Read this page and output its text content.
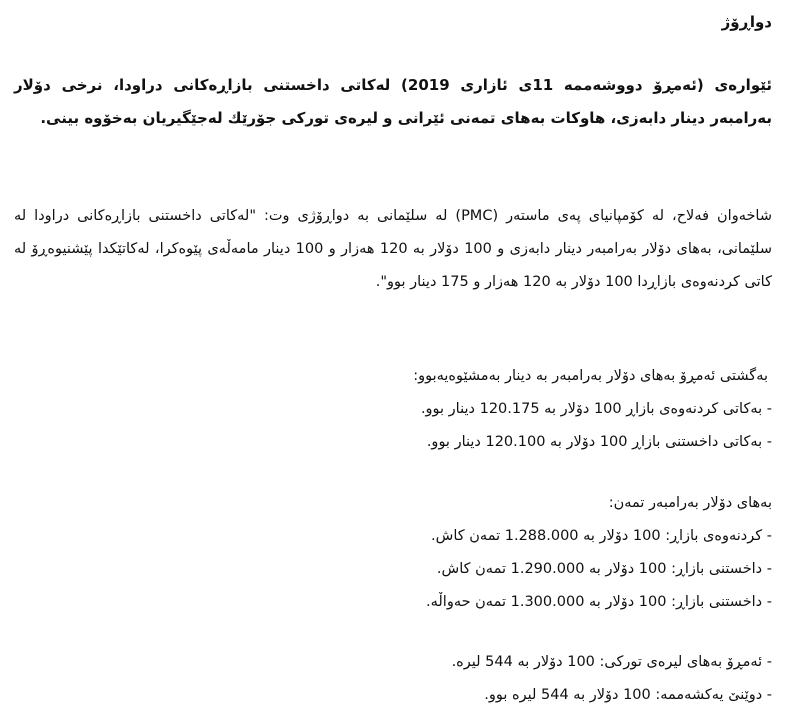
دواڕۆژ
ئێوارەی (ئەمڕۆ دووشەممە 11ی ئازاری 2019) لەکاتی داخستنی بازاڕەکانی دراودا، نرخی دۆلار بەرامبەر دینار دابەزی، هاوکات بەهای تمەنی ئێرانی و لیرەی تورکی جۆرێك لەجێگیریان بەخۆوە بینی.
شاخەوان فەلاح، لە کۆمپانیای پەی ماستەر (PMC) لە سلێمانی بە دواڕۆژی وت: "لەکاتی داخستنی بازاڕەکانی دراودا لە سلێمانی، بەهای دۆلار بەرامبەر دینار دابەزی و 100 دۆلار بە 120 هەزار و 100 دینار مامەڵەی پێوەکرا، لەکاتێکدا پێشنیوەڕۆ لە کاتی کردنەوەی بازاڕدا 100 دۆلار بە 120 هەزار و 175 دینار بوو".
بەگشتی ئەمڕۆ بەهای دۆلار بەرامبەر بە دینار بەمشێوەیەبوو:
- بەکاتی کردنەوەی بازاڕ 100 دۆلار بە 120.175 دینار بوو.
- بەکاتی داخستنی بازاڕ 100 دۆلار بە 120.100 دینار بوو.
بەهای دۆلار بەرامبەر تمەن:
- کردنەوەی بازاڕ: 100 دۆلار بە 1.288.000 تمەن کاش.
- داخستنی بازاڕ: 100 دۆلار بە 1.290.000 تمەن کاش.
- داخستنی بازاڕ: 100 دۆلار بە 1.300.000 تمەن حەواڵە.
- ئەمڕۆ بەهای لیرەی تورکی: 100 دۆلار بە 544 لیرە.
- دوێنێ یەکشەممە: 100 دۆلار بە 544 لیرە بوو.
